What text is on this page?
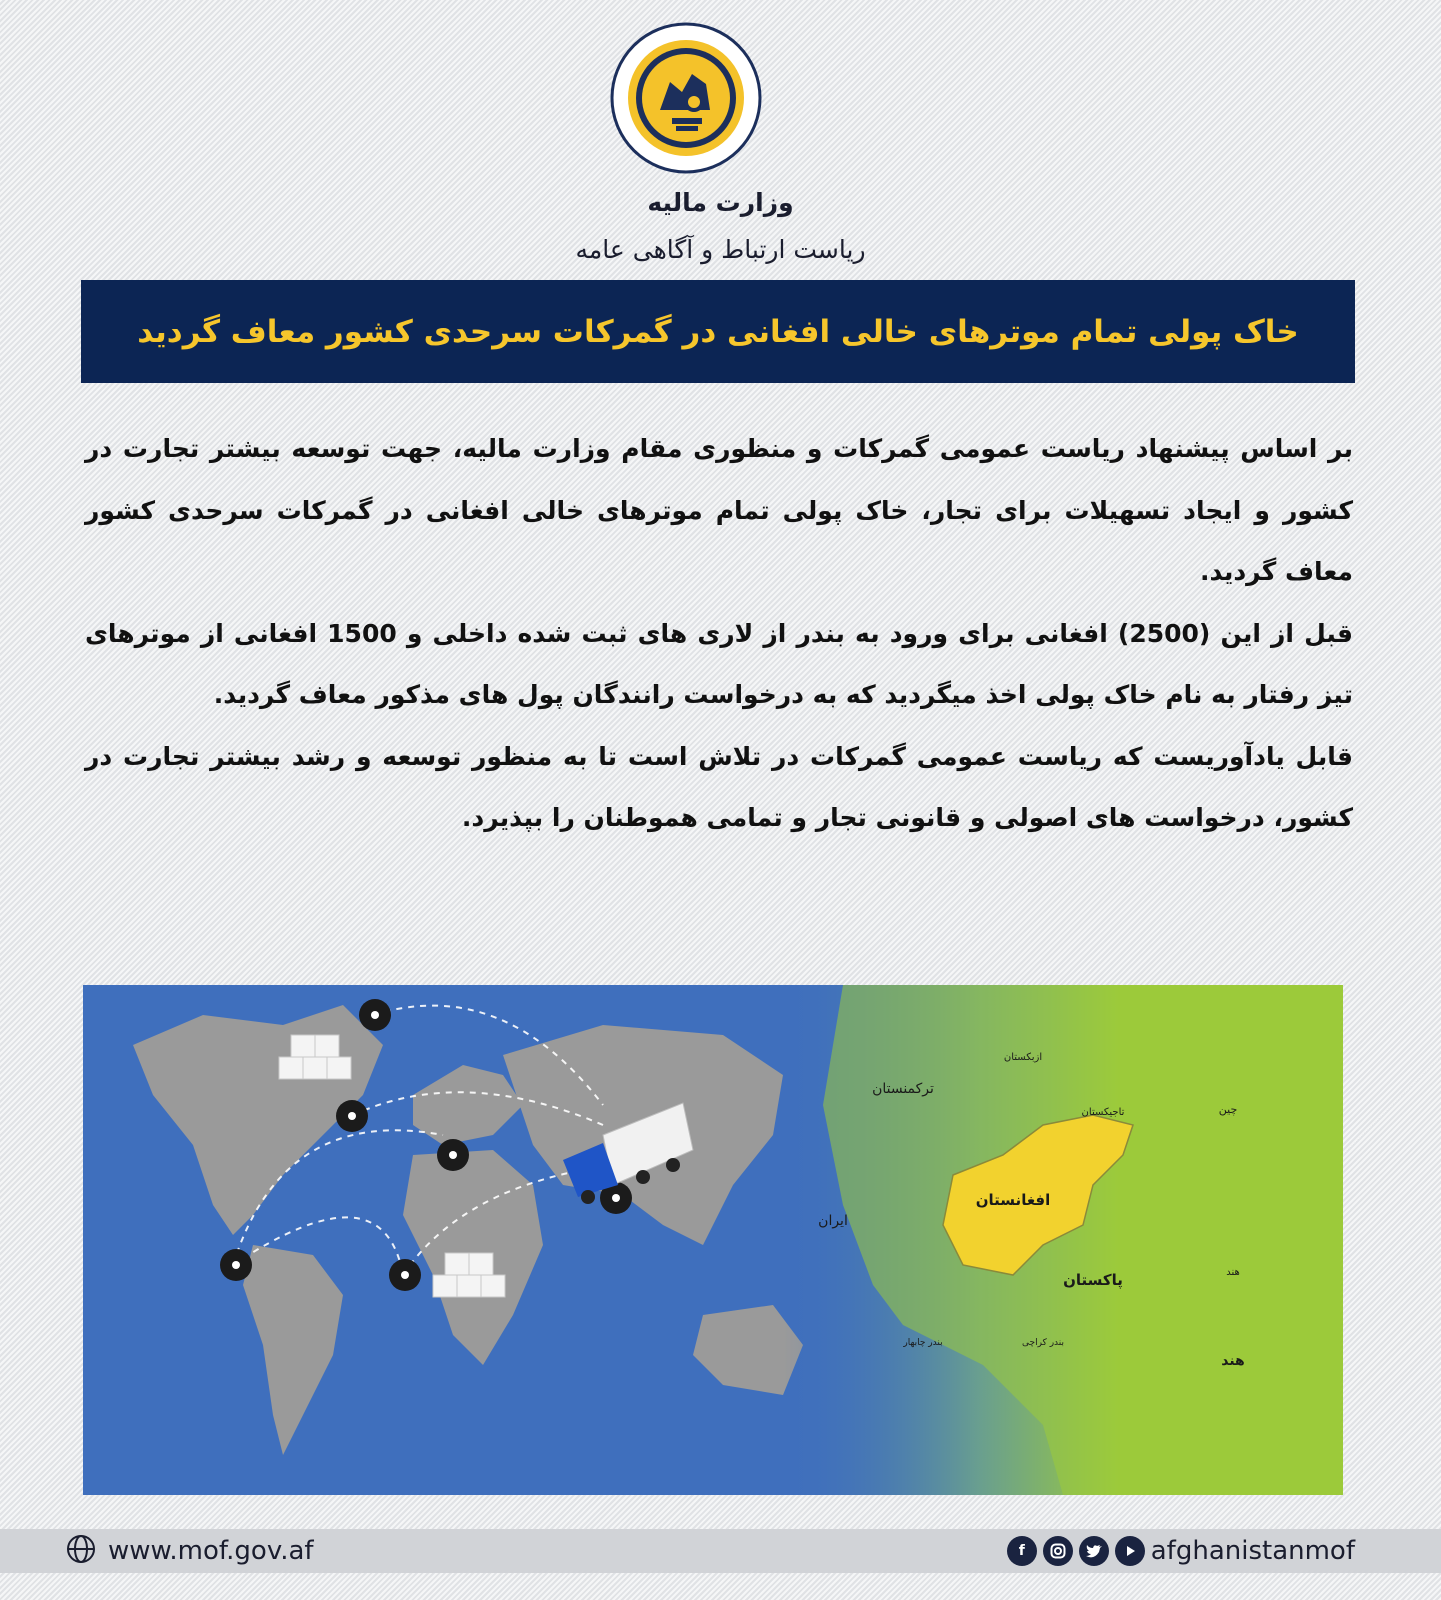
وزارت مالیه
ریاست ارتباط و آگاهی عامه
خاک پولی تمام موترهای خالی افغانی در گمرکات سرحدی کشور معاف گردید

بر اساس پیشنهاد ریاست عمومی گمرکات و منظوری مقام وزارت مالیه، جهت توسعه بیشتر تجارت در کشور و ایجاد تسهیلات برای تجار، خاک پولی تمام موترهای خالی افغانی در گمرکات سرحدی کشور معاف گردید.

قبل از این (2500) افغانی برای ورود به بندر از لاری های ثبت شده داخلی و 1500 افغانی از موترهای تیز رفتار به نام خاک پولی اخذ میگردید که به درخواست رانندگان پول های مذکور معاف گردید.

قابل یادآوریست که ریاست عمومی گمرکات در تلاش است تا به منظور توسعه و رشد بیشتر تجارت در کشور، درخواست های اصولی و قانونی تجار و تمامی هموطنان را بپذیرد.

افغانستان
پاکستان
ایران
ترکمنستان
ازبکستان
تاجیکستان	چین
هند
هند
بندر چابهار	بندر کراچی
www.mof.gov.af	f	afghanistanmof
